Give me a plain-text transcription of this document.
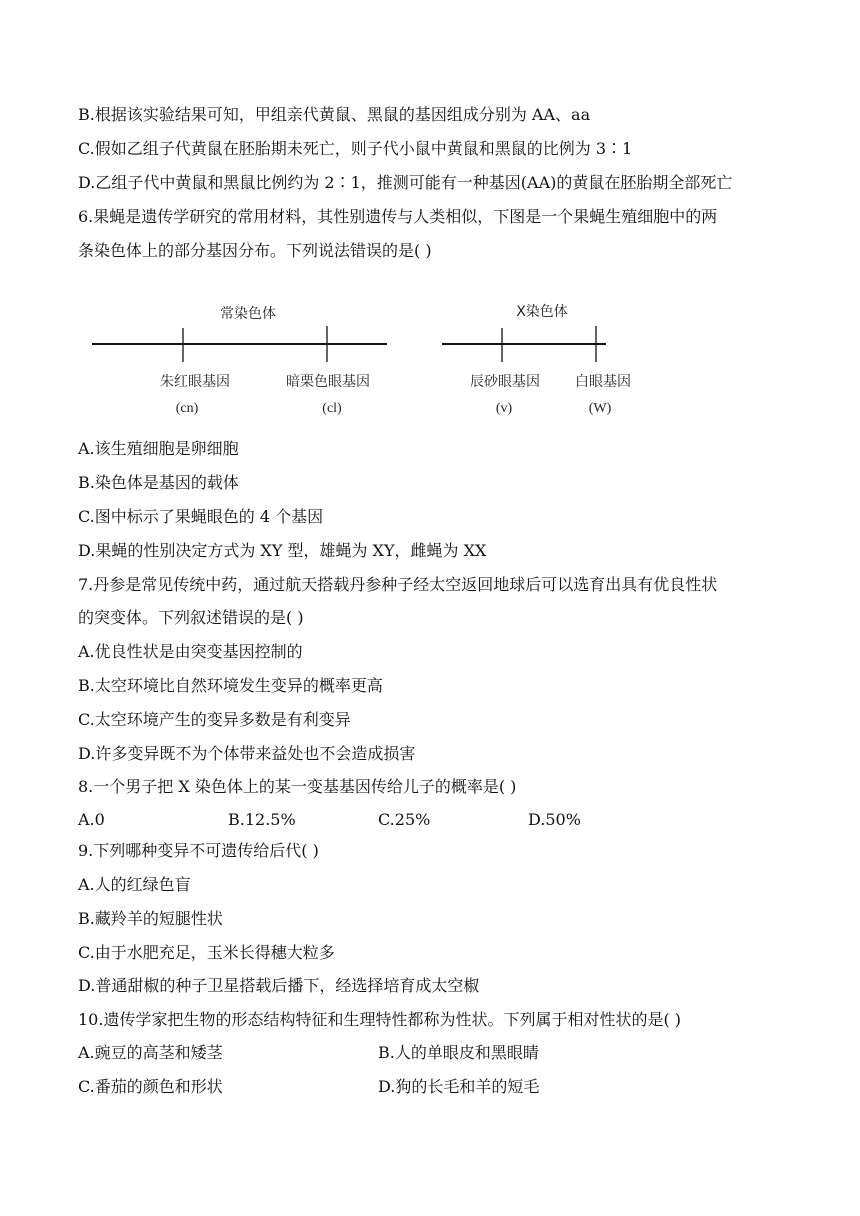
B.根据该实验结果可知，甲组亲代黄鼠、黑鼠的基因组成分别为 AA、aa
C.假如乙组子代黄鼠在胚胎期未死亡，则子代小鼠中黄鼠和黑鼠的比例为 3∶1
D.乙组子代中黄鼠和黑鼠比例约为 2∶1，推测可能有一种基因(AA)的黄鼠在胚胎期全部死亡
6.果蝇是遗传学研究的常用材料，其性别遗传与人类相似，下图是一个果蝇生殖细胞中的两
条染色体上的部分基因分布。下列说法错误的是( )
常染色体	X染色体
朱红眼基因
(cn)
暗栗色眼基因
(cl)
辰砂眼基因
(v)
白眼基因
(W)
A.该生殖细胞是卵细胞
B.染色体是基因的载体
C.图中标示了果蝇眼色的 4 个基因
D.果蝇的性别决定方式为 XY 型，雄蝇为 XY，雌蝇为 XX
7.丹参是常见传统中药，通过航天搭载丹参种子经太空返回地球后可以选育出具有优良性状
的突变体。下列叙述错误的是( )
A.优良性状是由突变基因控制的
B.太空环境比自然环境发生变异的概率更高
C.太空环境产生的变异多数是有利变异
D.许多变异既不为个体带来益处也不会造成损害
8.一个男子把 X 染色体上的某一变基基因传给儿子的概率是( )
A.0	B.12.5%	C.25%	D.50%
9.下列哪种变异不可遗传给后代( )
A.人的红绿色盲
B.藏羚羊的短腿性状
C.由于水肥充足，玉米长得穗大粒多
D.普通甜椒的种子卫星搭载后播下，经选择培育成太空椒
10.遗传学家把生物的形态结构特征和生理特性都称为性状。下列属于相对性状的是( )
A.豌豆的高茎和矮茎	B.人的单眼皮和黑眼睛
C.番茄的颜色和形状	D.狗的长毛和羊的短毛
